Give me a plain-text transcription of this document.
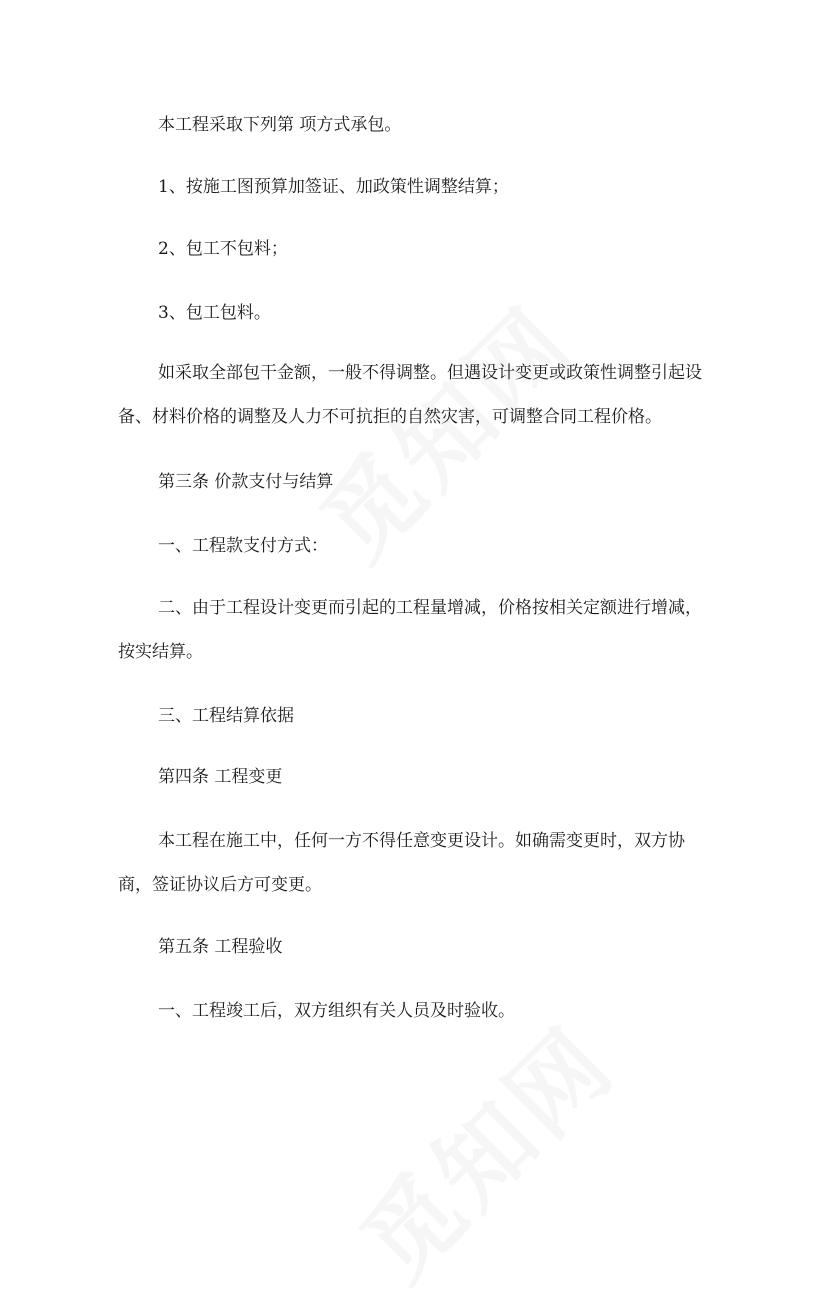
本工程采取下列第 项方式承包。

1、按施工图预算加签证、加政策性调整结算；

2、包工不包料；

3、包工包料。

如采取全部包干金额，一般不得调整。但遇设计变更或政策性调整引起设备、材料价格的调整及人力不可抗拒的自然灾害，可调整合同工程价格。

第三条 价款支付与结算

一、工程款支付方式：

二、由于工程设计变更而引起的工程量增减，价格按相关定额进行增减，按实结算。

三、工程结算依据

第四条 工程变更

本工程在施工中，任何一方不得任意变更设计。如确需变更时，双方协商，签证协议后方可变更。

第五条 工程验收

一、工程竣工后，双方组织有关人员及时验收。
